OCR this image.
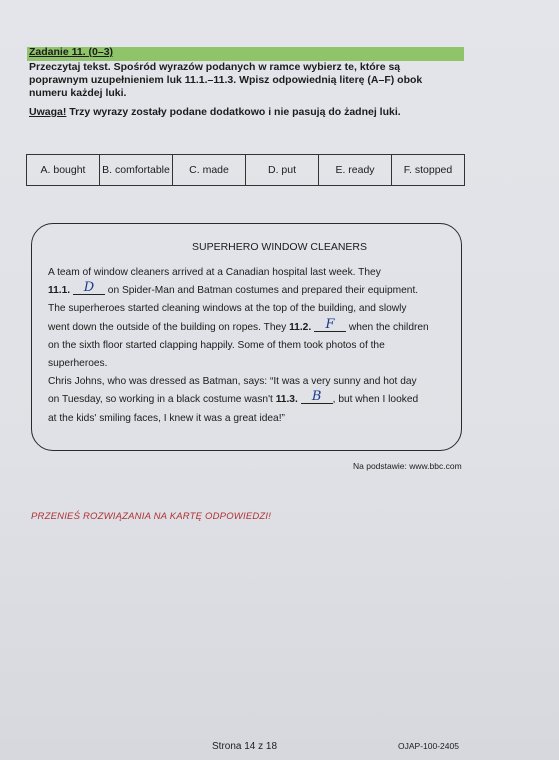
Zadanie 11. (0–3)
Przeczytaj tekst. Spośród wyrazów podanych w ramce wybierz te, które są
poprawnym uzupełnieniem luk 11.1.–11.3. Wpisz odpowiednią literę (A–F) obok
numeru każdej luki.
Uwaga! Trzy wyrazy zostały podane dodatkowo i nie pasują do żadnej luki.
A. bought	B. comfortable	C. made	D. put	E. ready	F. stopped
SUPERHERO WINDOW CLEANERS
A team of window cleaners arrived at a Canadian hospital last week. They
11.1. D on Spider-Man and Batman costumes and prepared their equipment.
The superheroes started cleaning windows at the top of the building, and slowly
went down the outside of the building on ropes. They 11.2. F when the children
on the sixth floor started clapping happily. Some of them took photos of the
superheroes.
Chris Johns, who was dressed as Batman, says: “It was a very sunny and hot day
on Tuesday, so working in a black costume wasn't 11.3. B , but when I looked
at the kids' smiling faces, I knew it was a great idea!”
Na podstawie: www.bbc.com
PRZENIEŚ ROZWIĄZANIA NA KARTĘ ODPOWIEDZI!
Strona 14 z 18	OJAP-100-2405
